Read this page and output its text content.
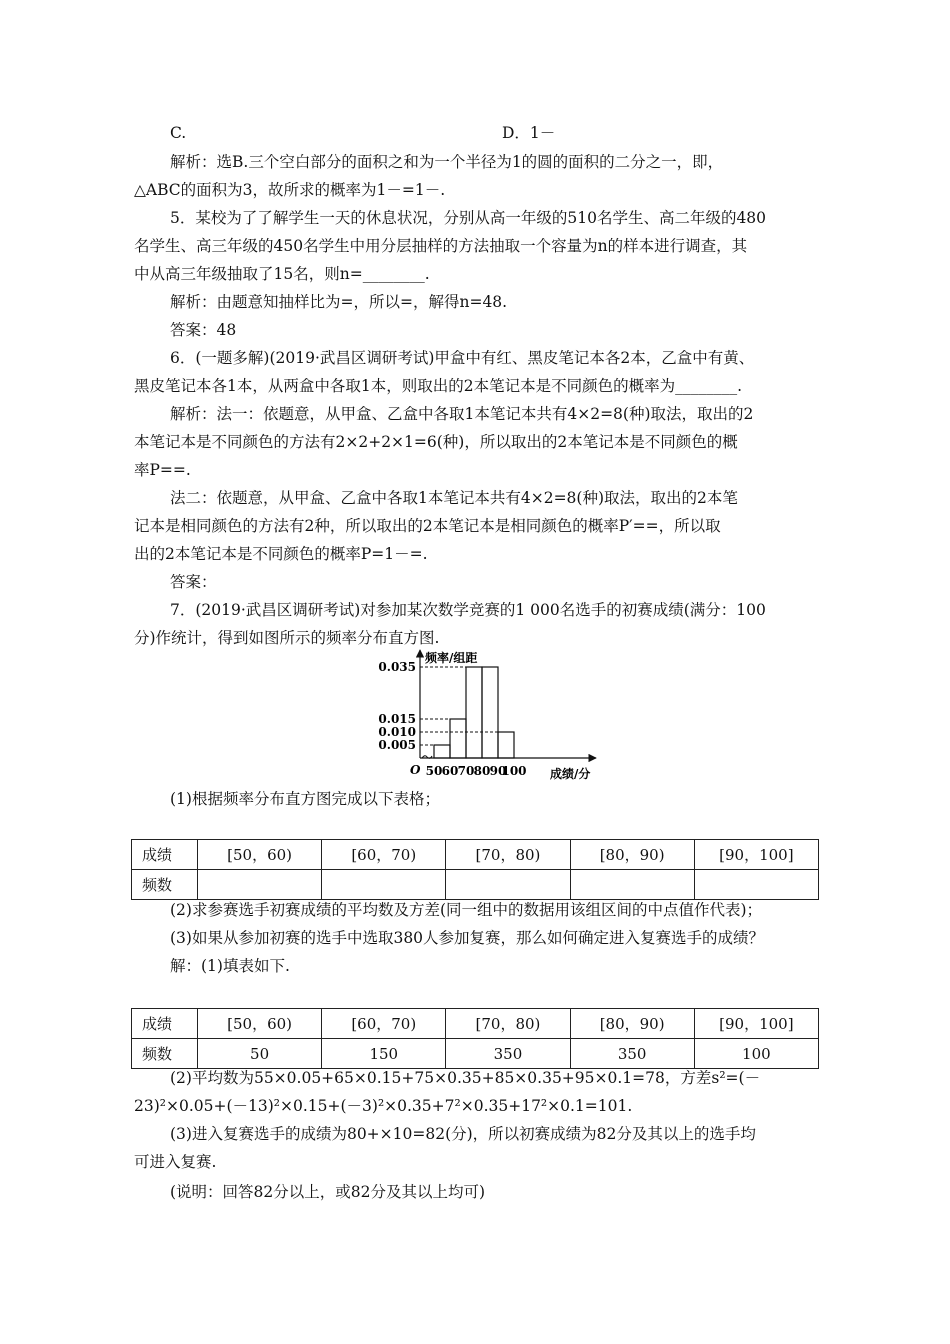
C.	D．1－
解析：选B.三个空白部分的面积之和为一个半径为1的圆的面积的二分之一，即，
△ABC的面积为3，故所求的概率为1－=1－.
5．某校为了了解学生一天的休息状况，分别从高一年级的510名学生、高二年级的480
名学生、高三年级的450名学生中用分层抽样的方法抽取一个容量为n的样本进行调查，其
中从高三年级抽取了15名，则n=________.
解析：由题意知抽样比为=，所以=，解得n=48.
答案：48
6．(一题多解)(2019·武昌区调研考试)甲盒中有红、黑皮笔记本各2本，乙盒中有黄、
黑皮笔记本各1本，从两盒中各取1本，则取出的2本笔记本是不同颜色的概率为________.
解析：法一：依题意，从甲盒、乙盒中各取1本笔记本共有4×2=8(种)取法，取出的2
本笔记本是不同颜色的方法有2×2+2×1=6(种)，所以取出的2本笔记本是不同颜色的概
率P==.
法二：依题意，从甲盒、乙盒中各取1本笔记本共有4×2=8(种)取法，取出的2本笔
记本是相同颜色的方法有2种，所以取出的2本笔记本是相同颜色的概率P′==，所以取
出的2本笔记本是不同颜色的概率P=1－=.
答案：
7．(2019·武昌区调研考试)对参加某次数学竞赛的1 000名选手的初赛成绩(满分：100
分)作统计，得到如图所示的频率分布直方图.
0.035
0.015
0.010
0.005
50 60 70 80 90
100
频率/组距
成绩/分
O
(1)根据频率分布直方图完成以下表格；
成绩	[50，60)	[60，70)	[70，80)	[80，90)	[90，100]
频数					
(2)求参赛选手初赛成绩的平均数及方差(同一组中的数据用该组区间的中点值作代表)；
(3)如果从参加初赛的选手中选取380人参加复赛，那么如何确定进入复赛选手的成绩？
解：(1)填表如下.
成绩	[50，60)	[60，70)	[70，80)	[80，90)	[90，100]
频数	50	150	350	350	100
(2)平均数为55×0.05+65×0.15+75×0.35+85×0.35+95×0.1=78，方差s²=(－
23)²×0.05+(－13)²×0.15+(－3)²×0.35+7²×0.35+17²×0.1=101.
(3)进入复赛选手的成绩为80+×10=82(分)，所以初赛成绩为82分及其以上的选手均
可进入复赛.
(说明：回答82分以上，或82分及其以上均可)
